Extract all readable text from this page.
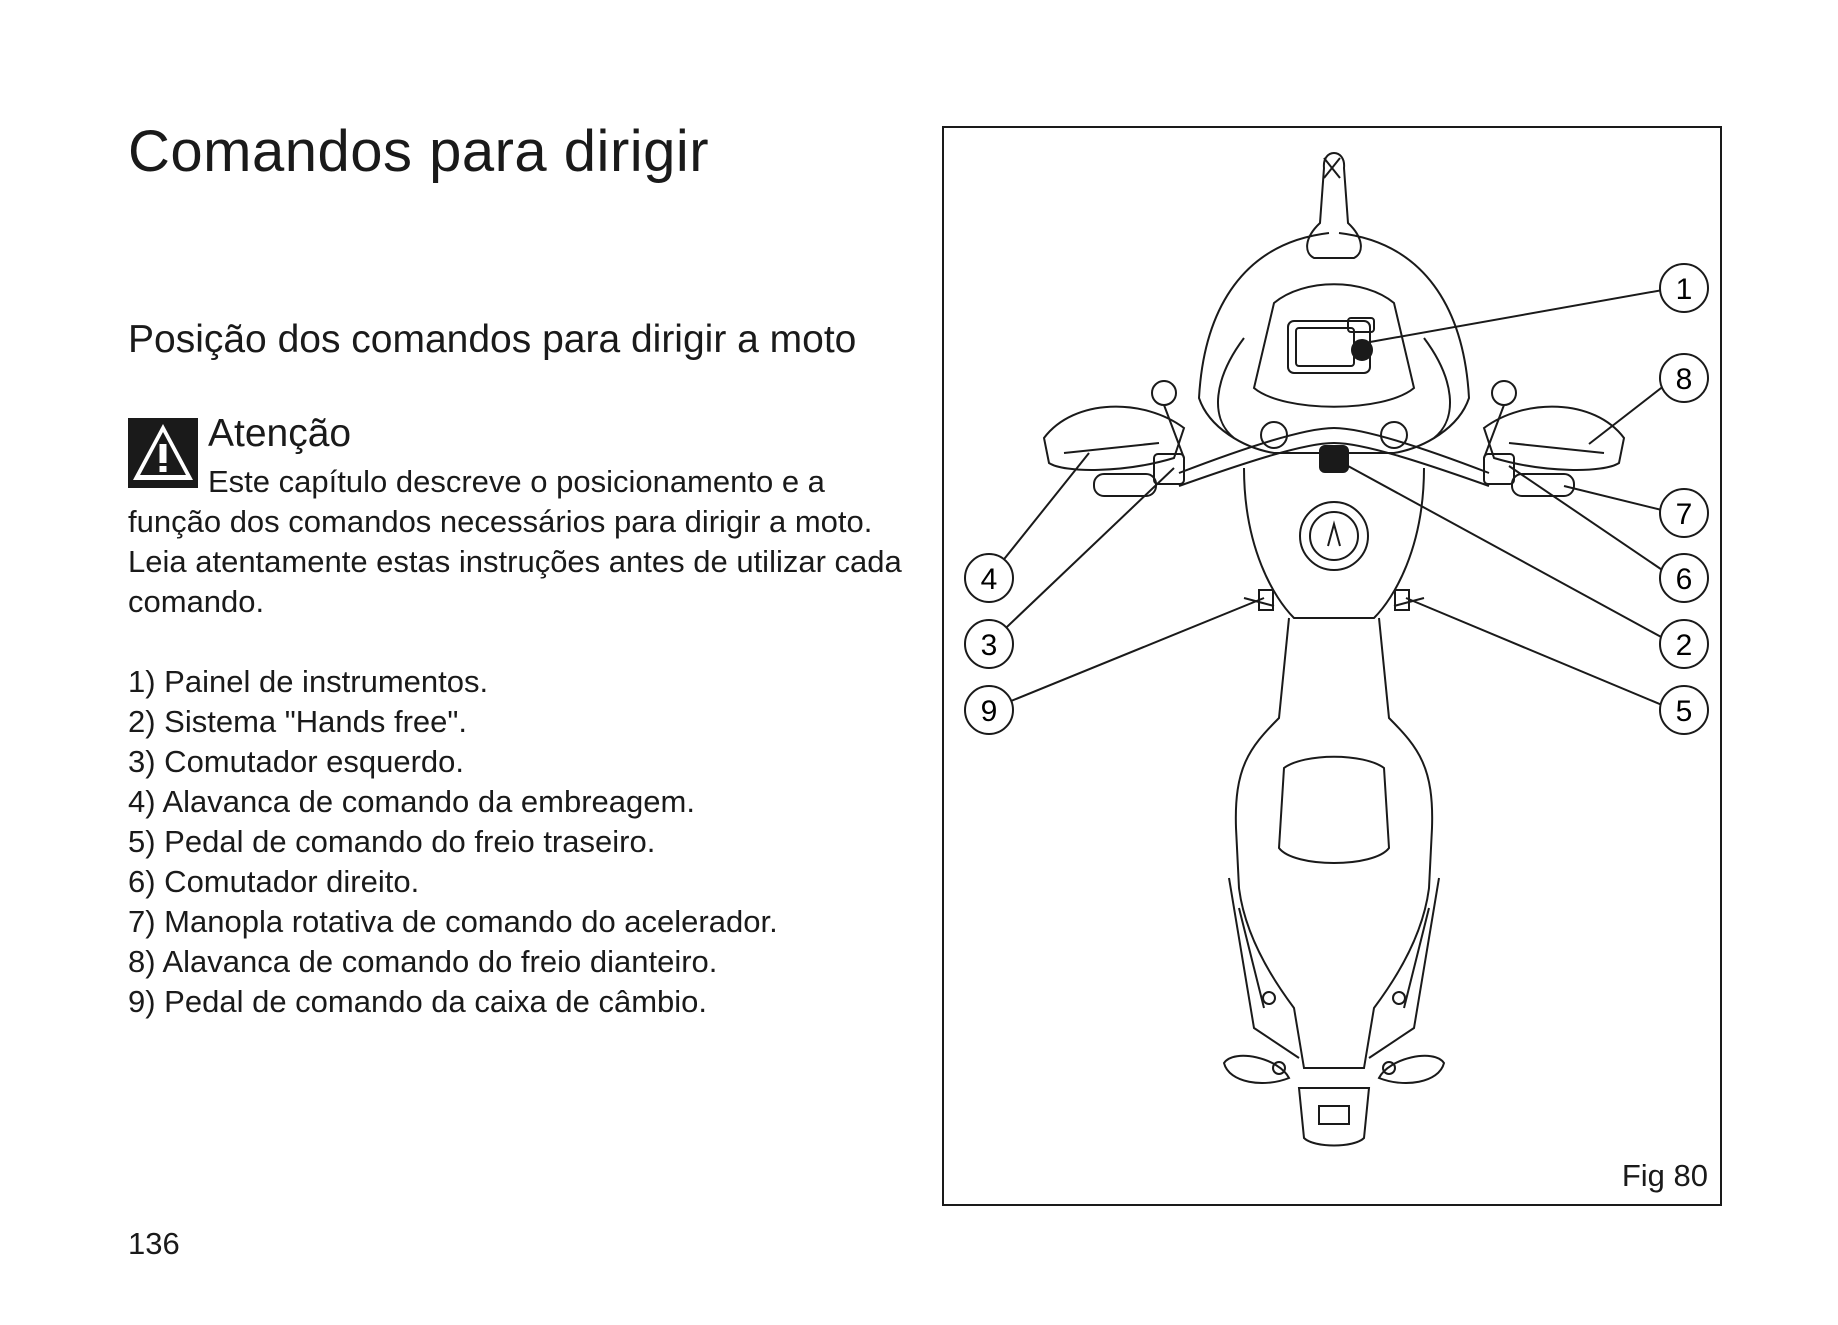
Comandos para dirigir
Posição dos comandos para dirigir a moto
Atenção

Este capítulo descreve o posicionamento e a função dos comandos necessários para dirigir a moto. Leia atentamente estas instruções antes de utilizar cada comando.

1) Painel de instrumentos.
2) Sistema "Hands free".
3) Comutador esquerdo.
4) Alavanca de comando da embreagem.
5) Pedal de comando do freio traseiro.
6) Comutador direito.
7) Manopla rotativa de comando do acelerador.
8) Alavanca de comando do freio dianteiro.
9) Pedal de comando da caixa de câmbio.
136
1
8
7
6
2
5
4
3
9
Fig 80
